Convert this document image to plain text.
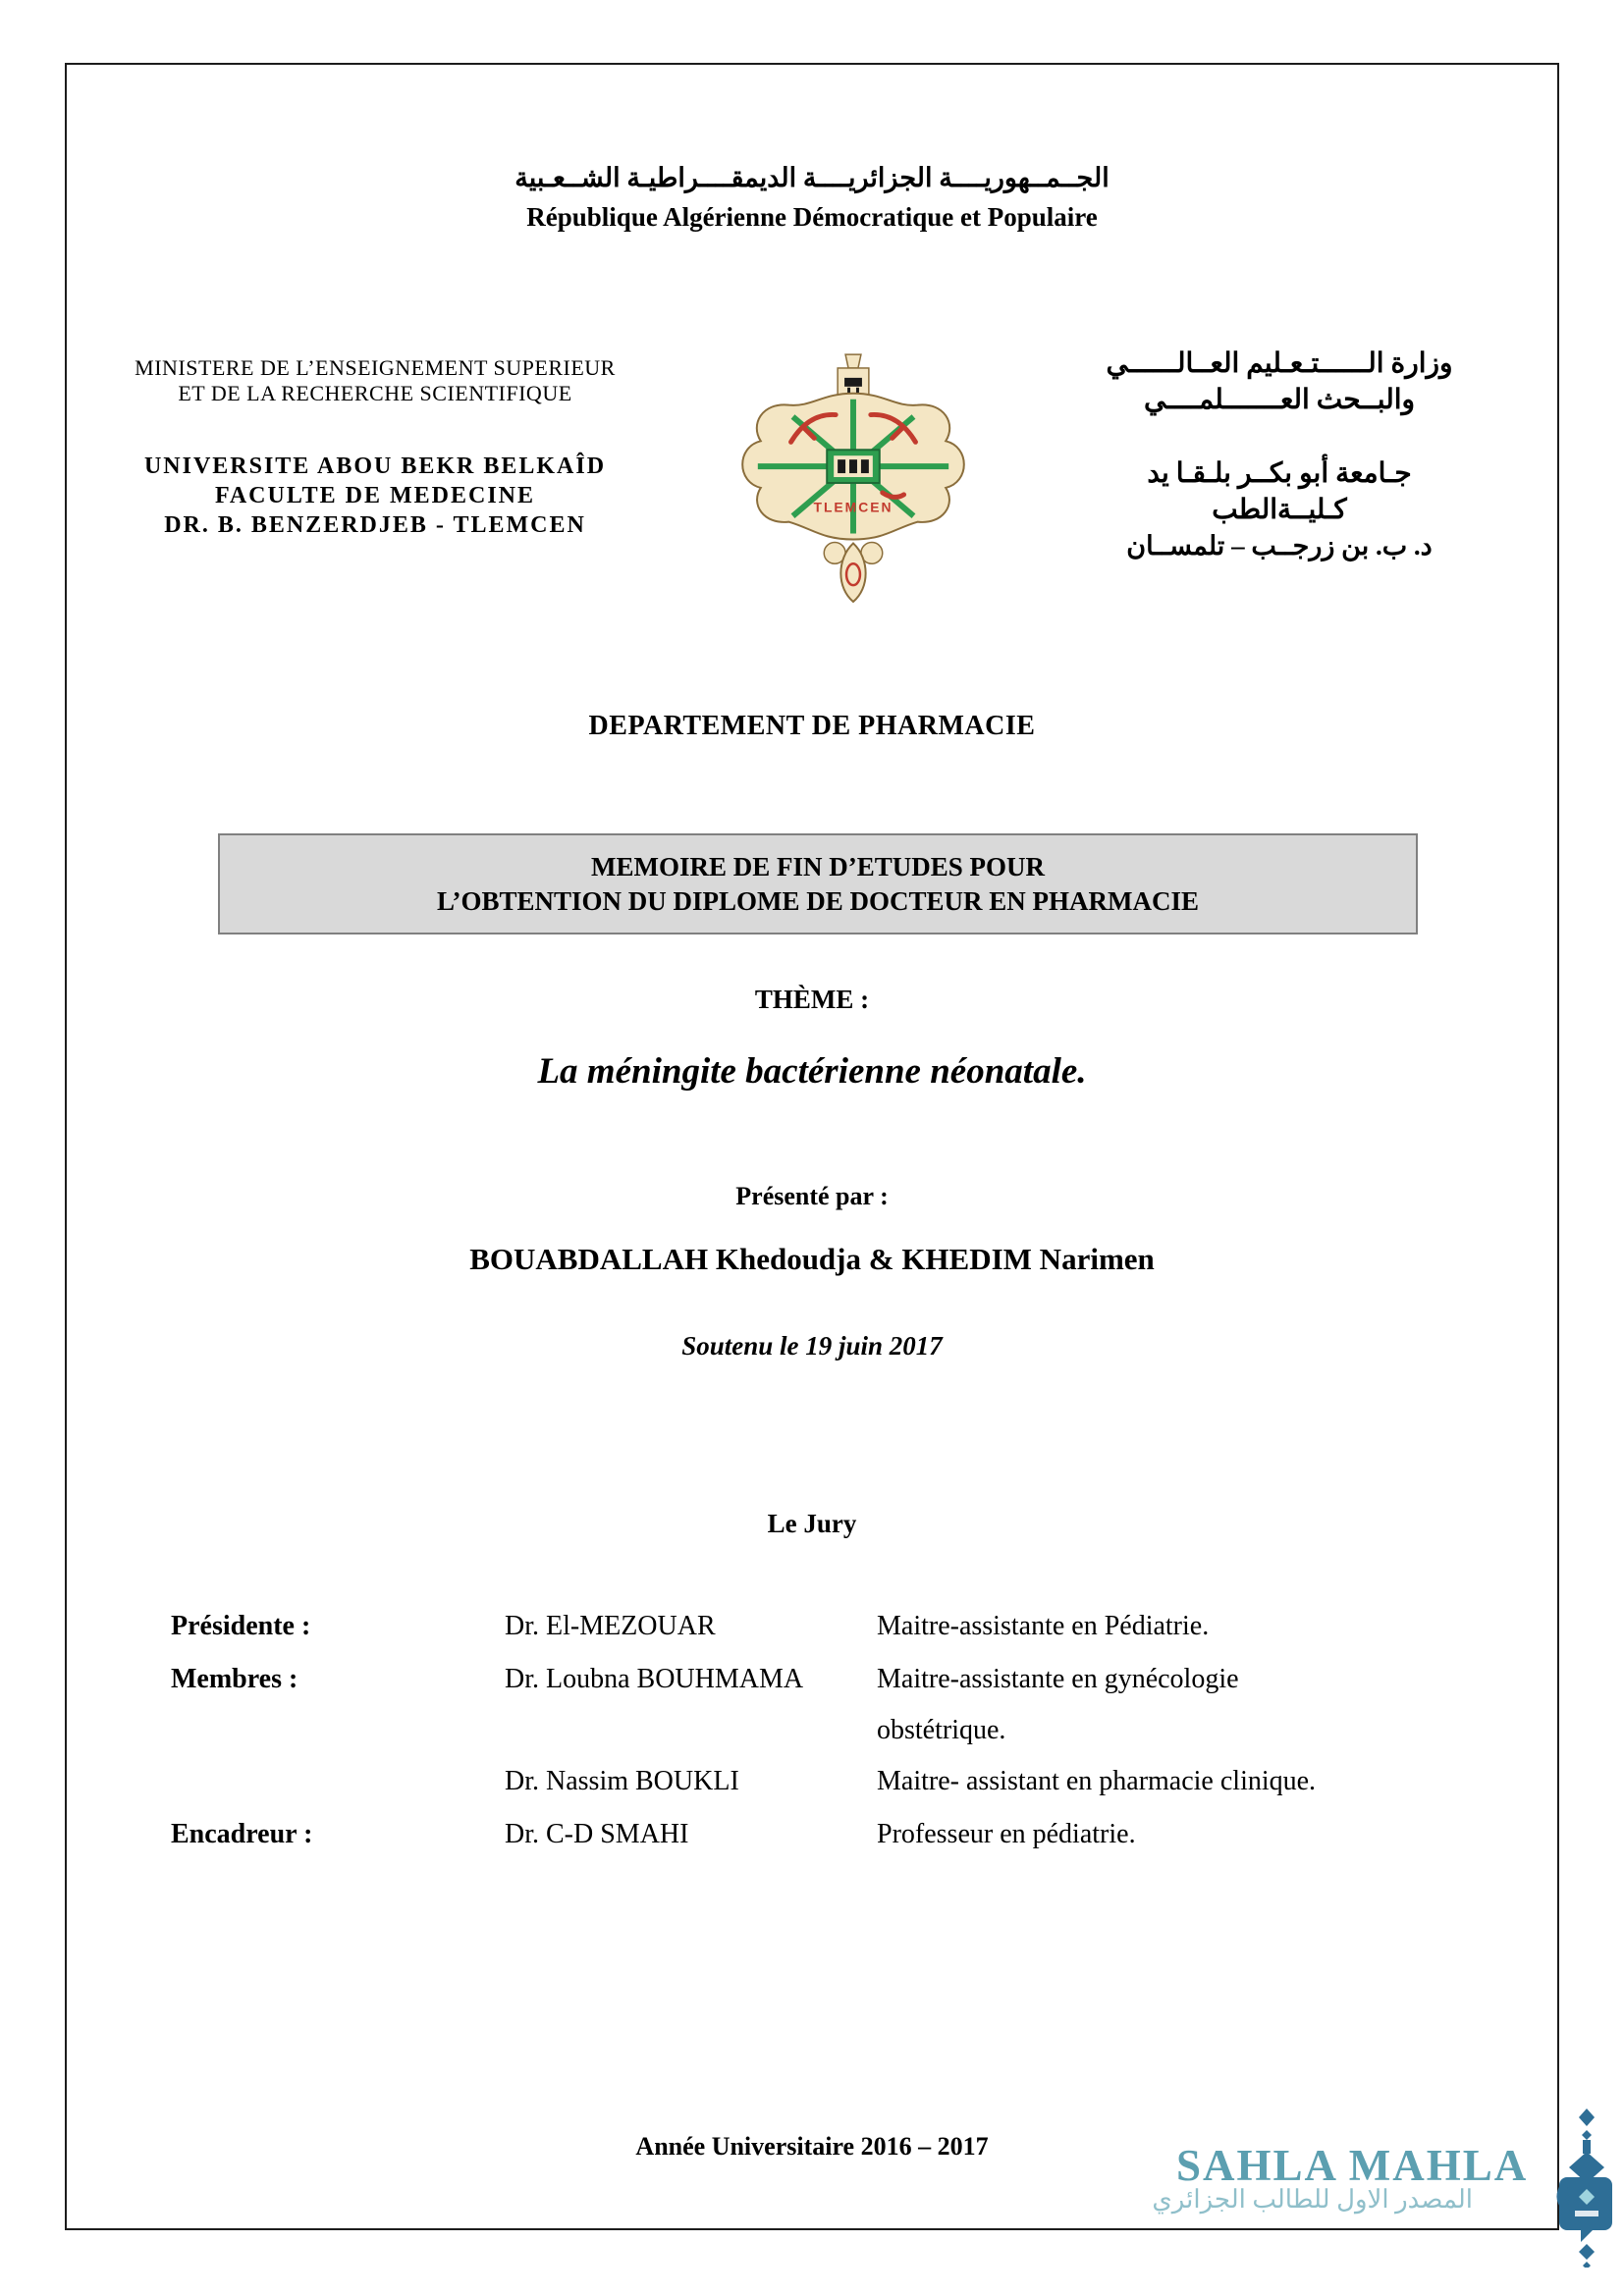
الجــمــهوريــــة الجزائريــــة الديمقــــراطيـة الشــعـبية
République Algérienne Démocratique et Populaire
MINISTERE DE L’ENSEIGNEMENT SUPERIEUR
ET DE LA RECHERCHE SCIENTIFIQUE
UNIVERSITE ABOU BEKR BELKAÎD
FACULTE DE MEDECINE
DR. B. BENZERDJEB - TLEMCEN
TLEMCEN
وزارة الــــــتـعـليم العــالــــــي
والبــحث العـــــــلمــــي
جـامعة أبو بكــر بلـقـا يد
كـليــةالطب
د. ب. بن زرجــب – تلمســان
DEPARTEMENT DE PHARMACIE
MEMOIRE DE FIN D’ETUDES POUR
L’OBTENTION DU DIPLOME DE DOCTEUR EN PHARMACIE
THÈME :
La méningite bactérienne néonatale.
Présenté par :
BOUABDALLAH Khedoudja & KHEDIM Narimen
Soutenu le 19 juin 2017
Le Jury
Présidente :	Dr. El-MEZOUAR	Maitre-assistante en Pédiatrie.
Membres :	Dr. Loubna BOUHMAMA	Maitre-assistante en gynécologie
obstétrique.
Dr. Nassim BOUKLI	Maitre- assistant en pharmacie clinique.
Encadreur :	Dr. C-D SMAHI	Professeur en pédiatrie.
Année Universitaire 2016 – 2017	SAHLA MAHLA
المصدر الاول للطالب الجزائري
